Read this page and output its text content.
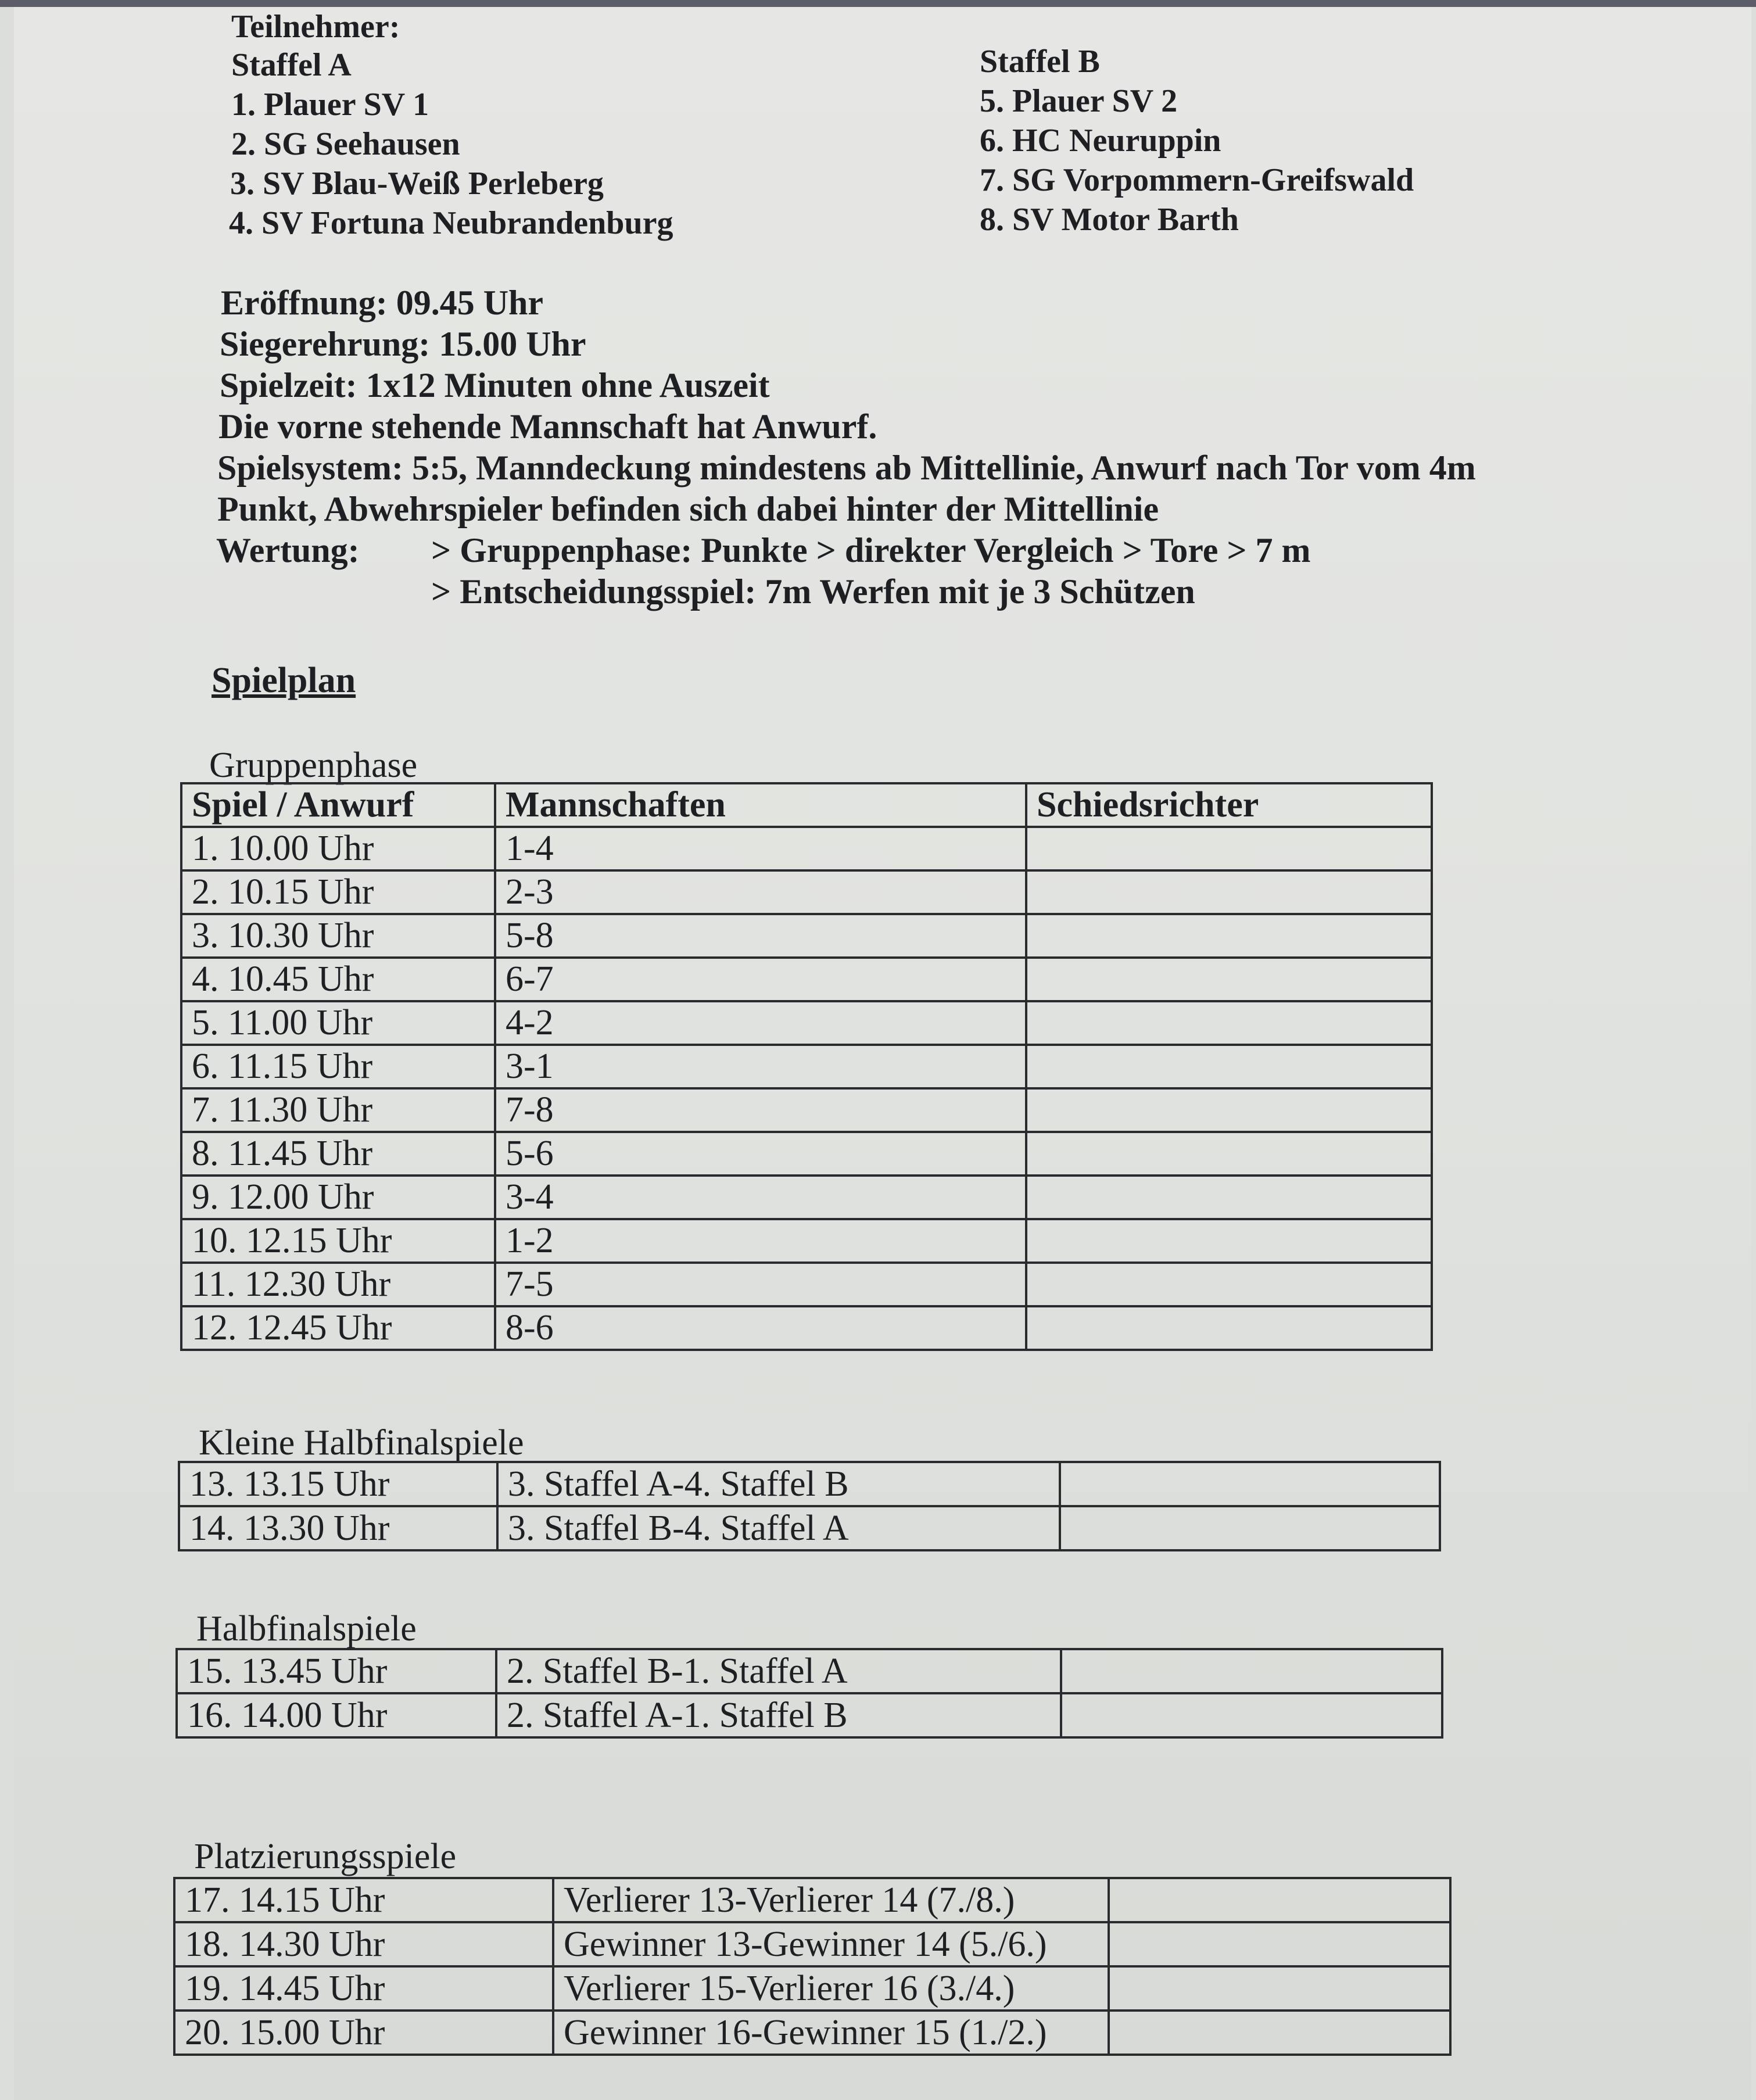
Teilnehmer:
Staffel A
1. Plauer SV 1
2. SG Seehausen
3. SV Blau-Weiß Perleberg
4. SV Fortuna Neubrandenburg
Staffel B
5. Plauer SV 2
6. HC Neuruppin
7. SG Vorpommern-Greifswald
8. SV Motor Barth
Eröffnung: 09.45 Uhr
Siegerehrung: 15.00 Uhr
Spielzeit: 1x12 Minuten ohne Auszeit
Die vorne stehende Mannschaft hat Anwurf.
Spielsystem: 5:5, Manndeckung mindestens ab Mittellinie, Anwurf nach Tor vom 4m
Punkt, Abwehrspieler befinden sich dabei hinter der Mittellinie
Wertung: > Gruppenphase: Punkte > direkter Vergleich > Tore > 7 m
> Entscheidungsspiel: 7m Werfen mit je 3 Schützen
Spielplan
Gruppenphase
Spiel / Anwurf	Mannschaften	Schiedsrichter
1. 10.00 Uhr	1-4	
2. 10.15 Uhr	2-3	
3. 10.30 Uhr	5-8	
4. 10.45 Uhr	6-7	
5. 11.00 Uhr	4-2	
6. 11.15 Uhr	3-1	
7. 11.30 Uhr	7-8	
8. 11.45 Uhr	5-6	
9. 12.00 Uhr	3-4	
10. 12.15 Uhr	1-2	
11. 12.30 Uhr	7-5	
12. 12.45 Uhr	8-6	
Kleine Halbfinalspiele
13. 13.15 Uhr	3. Staffel A-4. Staffel B	
14. 13.30 Uhr	3. Staffel B-4. Staffel A	
Halbfinalspiele
15. 13.45 Uhr	2. Staffel B-1. Staffel A	
16. 14.00 Uhr	2. Staffel A-1. Staffel B	
Platzierungsspiele
17. 14.15 Uhr	Verlierer 13-Verlierer 14 (7./8.)	
18. 14.30 Uhr	Gewinner 13-Gewinner 14 (5./6.)	
19. 14.45 Uhr	Verlierer 15-Verlierer 16 (3./4.)	
20. 15.00 Uhr	Gewinner 16-Gewinner 15 (1./2.)	
